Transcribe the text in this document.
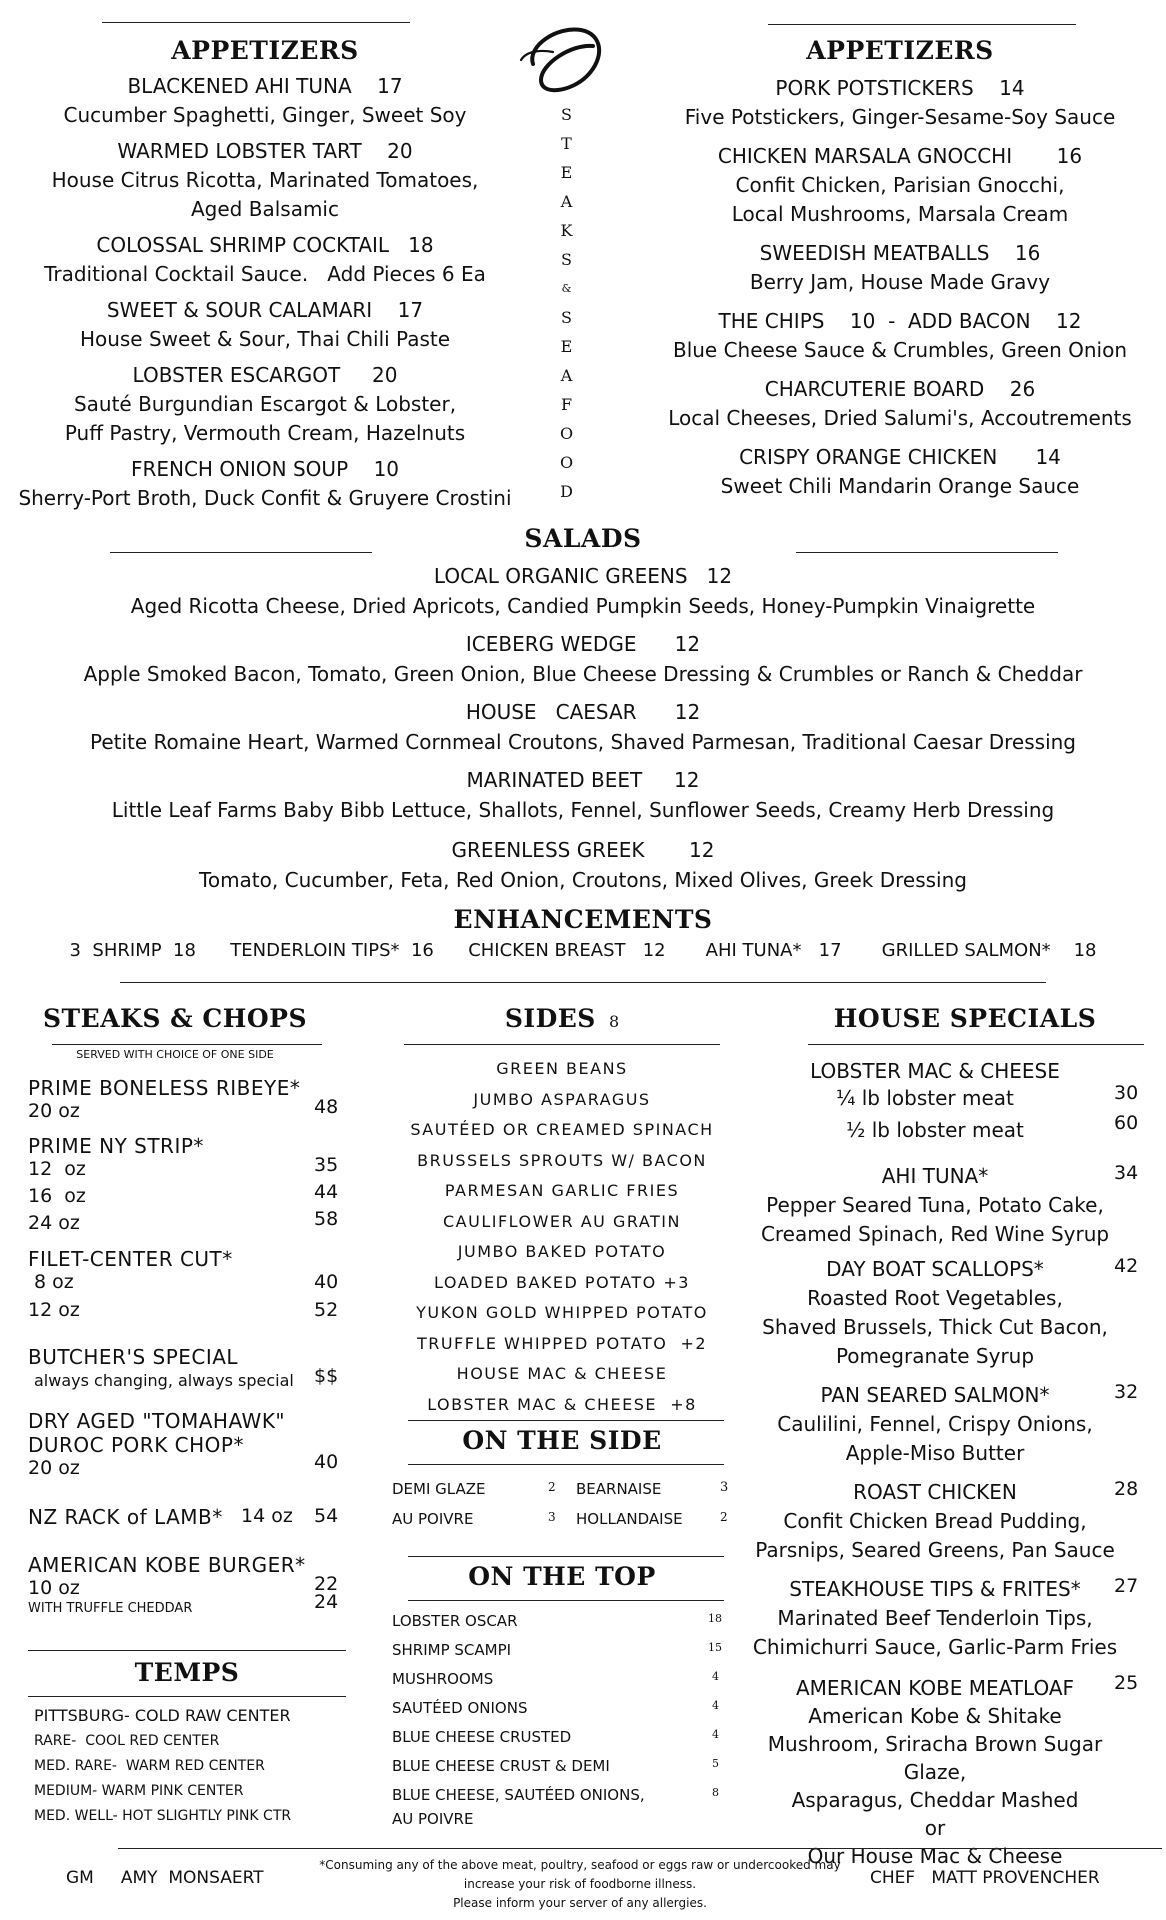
S
T
E
A
K
S
&
S
E
A
F
O
O
D
APPETIZERS
BLACKENED AHI TUNA 17
Cucumber Spaghetti, Ginger, Sweet Soy
WARMED LOBSTER TART 20
House Citrus Ricotta, Marinated Tomatoes,
Aged Balsamic
COLOSSAL SHRIMP COCKTAIL 18
Traditional Cocktail Sauce.   Add Pieces 6 Ea
SWEET & SOUR CALAMARI 17
House Sweet & Sour, Thai Chili Paste
LOBSTER ESCARGOT 20
Sauté Burgundian Escargot & Lobster,
Puff Pastry, Vermouth Cream, Hazelnuts
FRENCH ONION SOUP 10
Sherry-Port Broth, Duck Confit & Gruyere Crostini
APPETIZERS
PORK POTSTICKERS 14
Five Potstickers, Ginger-Sesame-Soy Sauce
CHICKEN MARSALA GNOCCHI 16
Confit Chicken, Parisian Gnocchi,
Local Mushrooms, Marsala Cream
SWEEDISH MEATBALLS 16
Berry Jam, House Made Gravy
THE CHIPS 10  -  ADD BACON    12
Blue Cheese Sauce & Crumbles, Green Onion
CHARCUTERIE BOARD 26
Local Cheeses, Dried Salumi's, Accoutrements
CRISPY ORANGE CHICKEN 14
Sweet Chili Mandarin Orange Sauce
SALADS
LOCAL ORGANIC GREENS 12
Aged Ricotta Cheese, Dried Apricots, Candied Pumpkin Seeds, Honey-Pumpkin Vinaigrette
ICEBERG WEDGE 12
Apple Smoked Bacon, Tomato, Green Onion, Blue Cheese Dressing & Crumbles or Ranch & Cheddar
HOUSE   CAESAR 12
Petite Romaine Heart, Warmed Cornmeal Croutons, Shaved Parmesan, Traditional Caesar Dressing
MARINATED BEET 12
Little Leaf Farms Baby Bibb Lettuce, Shallots, Fennel, Sunflower Seeds, Creamy Herb Dressing
GREENLESS GREEK 12
Tomato, Cucumber, Feta, Red Onion, Croutons, Mixed Olives, Greek Dressing
ENHANCEMENTS
3  SHRIMP 18 TENDERLOIN TIPS* 16 CHICKEN BREAST 12 AHI TUNA* 17 GRILLED SALMON* 18
STEAKS & CHOPS
SERVED WITH CHOICE OF ONE SIDE
PRIME BONELESS RIBEYE*
20 oz	48
PRIME NY STRIP*
12  oz	35
16  oz	44
24 oz	58
FILET-CENTER CUT*
8 oz	40
12 oz	52
BUTCHER'S SPECIAL
always changing, always special $$
DRY AGED "TOMAHAWK"
DUROC PORK CHOP*
20 oz	40
NZ RACK of LAMB* 14 oz 54
AMERICAN KOBE BURGER*
10 oz	22
WITH TRUFFLE CHEDDAR	24
TEMPS
PITTSBURG- COLD RAW CENTER
RARE-  COOL RED CENTER
MED. RARE-  WARM RED CENTER
MEDIUM- WARM PINK CENTER
MED. WELL- HOT SLIGHTLY PINK CTR
SIDES 8
GREEN BEANS
JUMBO ASPARAGUS
SAUTÉED OR CREAMED SPINACH
BRUSSELS SPROUTS W/ BACON
PARMESAN GARLIC FRIES
CAULIFLOWER AU GRATIN
JUMBO BAKED POTATO
LOADED BAKED POTATO +3
YUKON GOLD WHIPPED POTATO
TRUFFLE WHIPPED POTATO  +2
HOUSE MAC & CHEESE
LOBSTER MAC & CHEESE  +8
ON THE SIDE
DEMI GLAZE	2 BEARNAISE	3
AU POIVRE	3 HOLLANDAISE	2
ON THE TOP
LOBSTER OSCAR	18
SHRIMP SCAMPI	15
MUSHROOMS	4
SAUTÉED ONIONS	4
BLUE CHEESE CRUSTED	4
BLUE CHEESE CRUST & DEMI	5
BLUE CHEESE, SAUTÉED ONIONS,	8
AU POIVRE
HOUSE SPECIALS
LOBSTER MAC & CHEESE
¼ lb lobster meat	30
½ lb lobster meat	60
AHI TUNA*	34
Pepper Seared Tuna, Potato Cake,
Creamed Spinach, Red Wine Syrup
DAY BOAT SCALLOPS*	42
Roasted Root Vegetables,
Shaved Brussels, Thick Cut Bacon,
Pomegranate Syrup
PAN SEARED SALMON*	32
Caulilini, Fennel, Crispy Onions,
Apple-Miso Butter
ROAST CHICKEN	28
Confit Chicken Bread Pudding,
Parsnips, Seared Greens, Pan Sauce
STEAKHOUSE TIPS & FRITES*	27
Marinated Beef Tenderloin Tips,
Chimichurri Sauce, Garlic-Parm Fries
AMERICAN KOBE MEATLOAF	25
American Kobe & Shitake
Mushroom, Sriracha Brown Sugar Glaze,
Asparagus, Cheddar Mashed
or
Our House Mac & Cheese
GM     AMY  MONSAERT
*Consuming any of the above meat, poultry, seafood or eggs raw or undercooked may
increase your risk of foodborne illness.
Please inform your server of any allergies.
CHEF   MATT PROVENCHER
